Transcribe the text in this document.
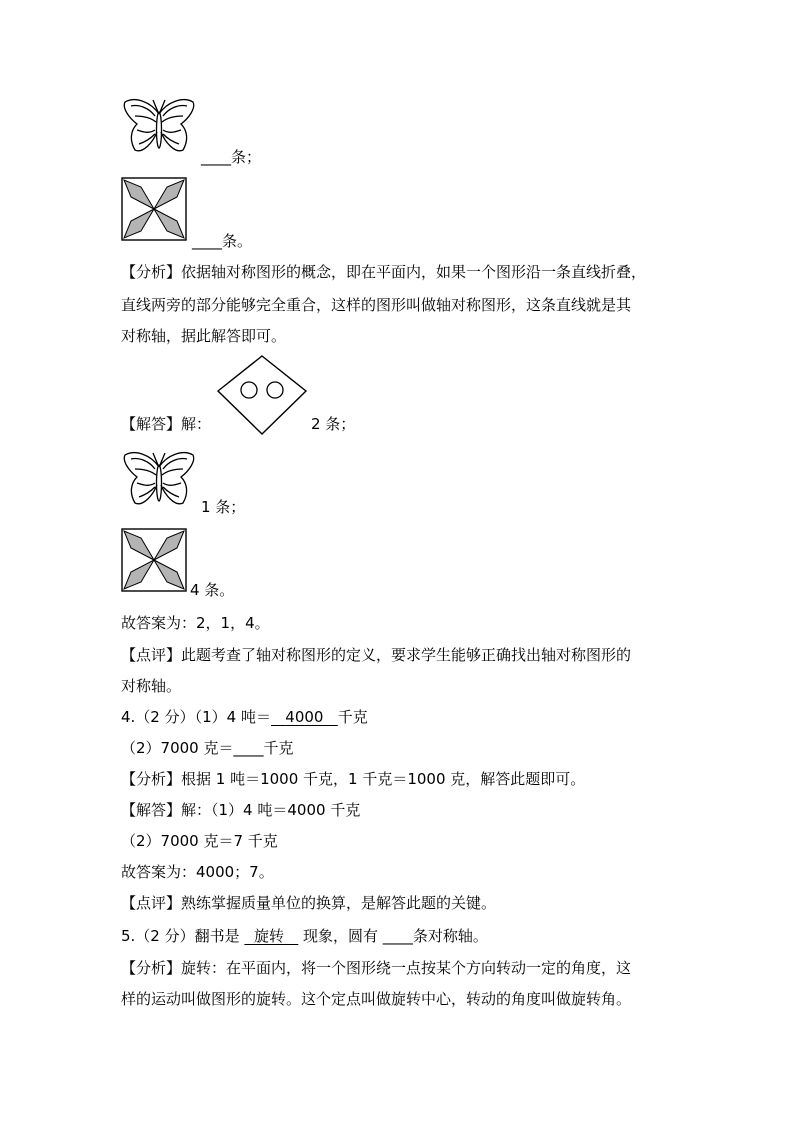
____条；
____条。
【分析】依据轴对称图形的概念，即在平面内，如果一个图形沿一条直线折叠，
直线两旁的部分能够完全重合，这样的图形叫做轴对称图形，这条直线就是其
对称轴，据此解答即可。
【解答】解：	2 条；
1 条；
4 条。
故答案为：2，1，4。
【点评】此题考查了轴对称图形的定义，要求学生能够正确找出轴对称图形的
对称轴。
4.（2 分）（1）4 吨＝ 4000 千克
（2）7000 克＝____千克
【分析】根据 1 吨＝1000 千克，1 千克＝1000 克，解答此题即可。
【解答】解：（1）4 吨＝4000 千克
（2）7000 克＝7 千克
故答案为：4000；7。
【点评】熟练掌握质量单位的换算，是解答此题的关键。
5.（2 分）翻书是   旋转    现象，圆有 ____条对称轴。
【分析】旋转：在平面内，将一个图形绕一点按某个方向转动一定的角度，这
样的运动叫做图形的旋转。这个定点叫做旋转中心，转动的角度叫做旋转角。
